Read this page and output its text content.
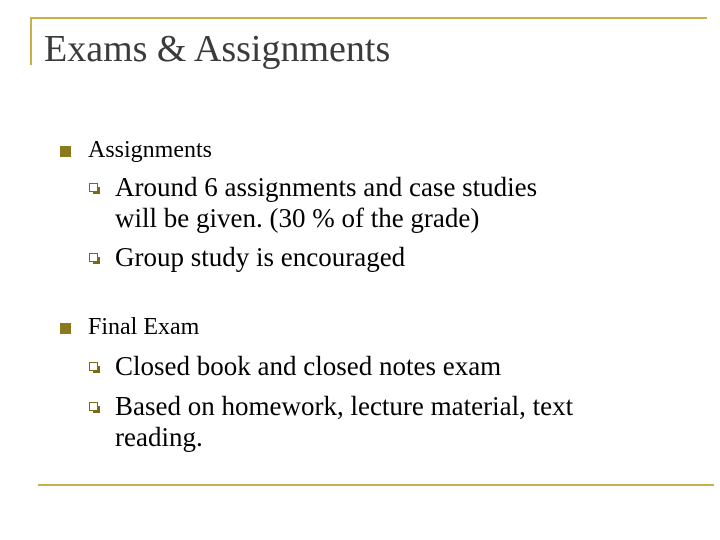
Exams & Assignments
Assignments
Around 6 assignments and case studies
will be given. (30 % of the grade)
Group study is encouraged
Final Exam
Closed book and closed notes exam
Based on homework, lecture material, text
reading.
